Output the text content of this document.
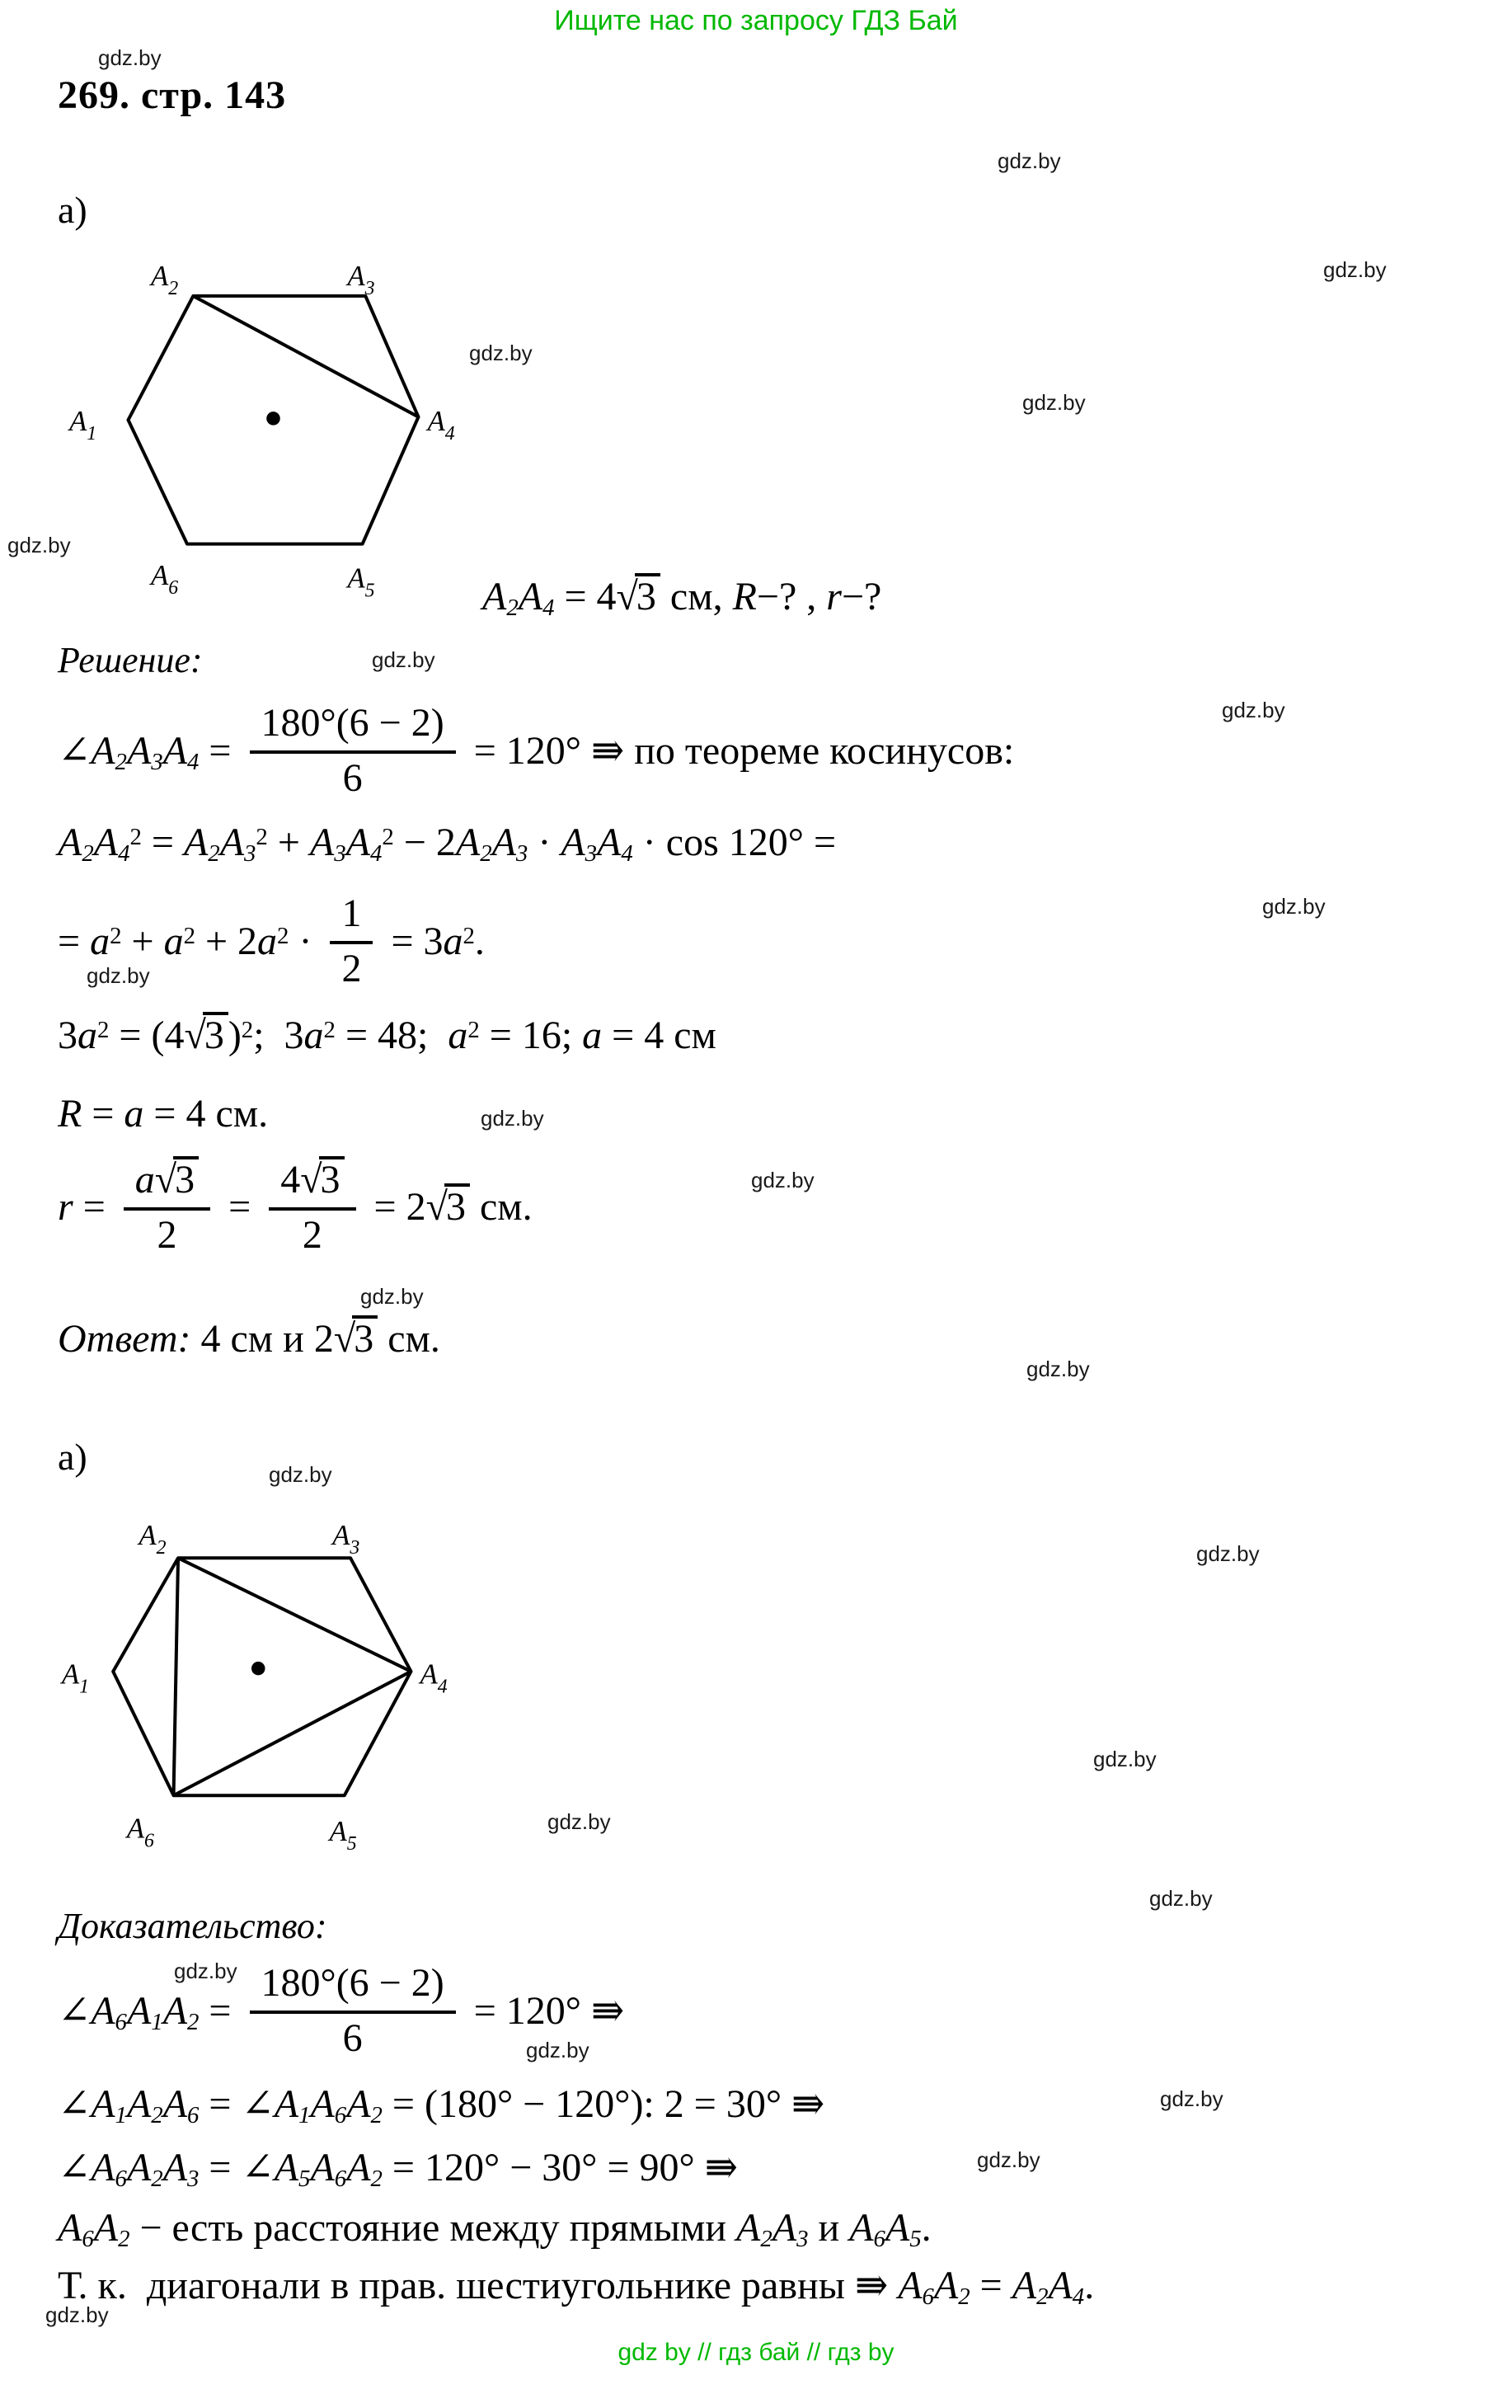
Ищите нас по запросу ГДЗ Бай
gdz.by
gdz.by
gdz.by
gdz.by
gdz.by
gdz.by
gdz.by
gdz.by
gdz.by
gdz.by
gdz.by
gdz.by
gdz.by
gdz.by
gdz.by
gdz.by
gdz.by
gdz.by
gdz.by
gdz.by
gdz.by
gdz.by
gdz.by
gdz.by
269. стр. 143
а)
$A_2$	$A_3$
$A_1$	$A_4$
$A_6$	$A_5$	A2A4 = 4 √3 см, R −? , r −?
Решение:
∠A2A3A4 = $\frac{180^\circ(6 - 2)}{6} = 120^\circ$ ⇛ по теореме косинусов:
A2A4
$^2$ = A2A3
$^2$ + A3A4
$^2$ − 2 A2A3 · A3A4 · cos 120° =
= a $^2$ + a $^2$ + 2 a $^2 \cdot \frac{1}{2} = 3$ a $^2$.
3 a $^2$ = (4 √3 )$^2$;  3 a $^2$ = 48; a $^2$ = 16; a = 4 см
R = a = 4 см.
$r = \frac{a√3}{2} = \frac{4√3}{2} = 2$ √3 см.
Ответ: 4 см и 2 √3 см.
а)
$A_2$	$A_3$
$A_1$	$A_4$
$A_6$	$A_5$
Доказательство:
∠A6A1A2 = $\frac{180^\circ(6 - 2)}{6} = 120^\circ$ ⇛
∠A1A2A6 = ∠A1A6A2 = (180° − 120°): 2 = 30° ⇛
∠A6A2A3 = ∠A5A6A2 = 120° − 30° = 90° ⇛
A6A2 − есть расстояние между прямыми A2A3 и A6A5 .
Т. к.  диагонали в прав. шестиугольнике равны ⇛ A6A2 = A2A4 .
gdz by // гдз бай // гдз by
